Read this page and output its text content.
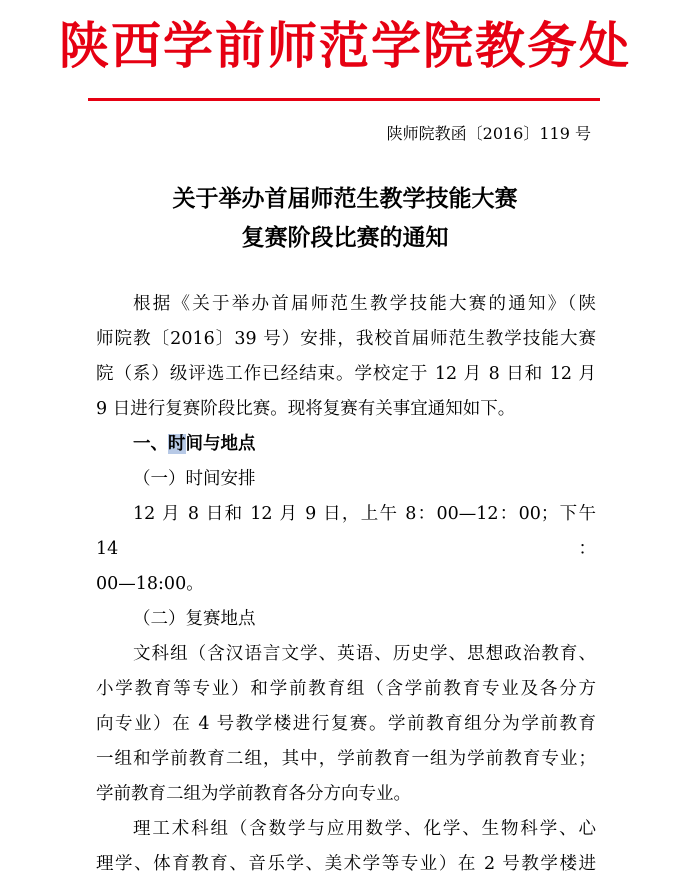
陕西学前师范学院教务处
陕师院教函〔2016〕119 号
关于举办首届师范生教学技能大赛
复赛阶段比赛的通知

根据《关于举办首届师范生教学技能大赛的通知》（陕

师院教〔2016〕39 号）安排，我校首届师范生教学技能大赛

院（系）级评选工作已经结束。学校定于 12 月 8 日和 12 月

9 日进行复赛阶段比赛。现将复赛有关事宜通知如下。

一、时间与地点

（一）时间安排

12 月 8 日和 12 月 9 日，上午 8：00—12：00；下午 14：

00—18:00。

（二）复赛地点

文科组（含汉语言文学、英语、历史学、思想政治教育、

小学教育等专业）和学前教育组（含学前教育专业及各分方

向专业）在 4 号教学楼进行复赛。学前教育组分为学前教育

一组和学前教育二组，其中，学前教育一组为学前教育专业；

学前教育二组为学前教育各分方向专业。

理工术科组（含数学与应用数学、化学、生物科学、心

理学、体育教育、音乐学、美术学等专业）在 2 号教学楼进
